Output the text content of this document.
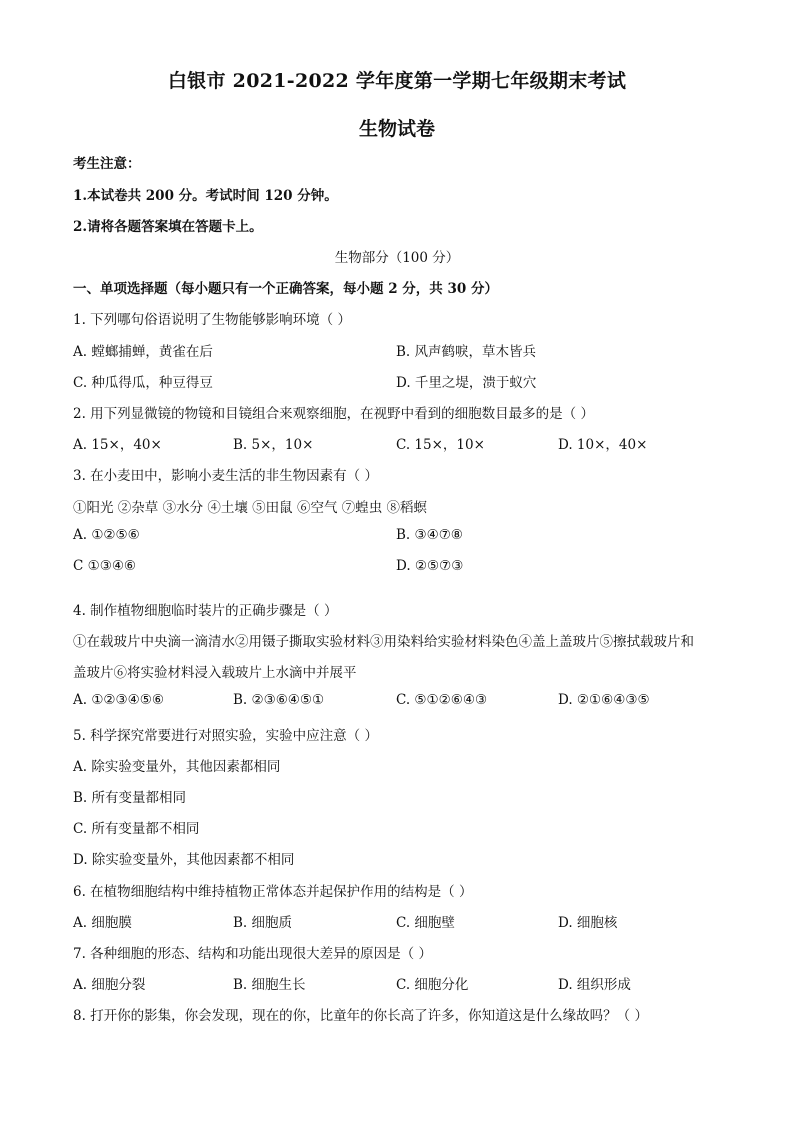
白银市 2021-2022 学年度第一学期七年级期末考试
生物试卷
考生注意：
1.本试卷共 200 分。考试时间 120 分钟。
2.请将各题答案填在答题卡上。
生物部分（100 分）
一、单项选择题（每小题只有一个正确答案，每小题 2 分，共 30 分）
1. 下列哪句俗语说明了生物能够影响环境（ ）
A. 螳螂捕蝉，黄雀在后	B. 风声鹤唳，草木皆兵
C. 种瓜得瓜，种豆得豆	D. 千里之堤，溃于蚁穴
2. 用下列显微镜的物镜和目镜组合来观察细胞，在视野中看到的细胞数目最多的是（ ）
A. 15×，40×	B. 5×，10×	C. 15×，10×	D. 10×，40×
3. 在小麦田中，影响小麦生活的非生物因素有（ ）
①阳光 ②杂草 ③水分 ④土壤 ⑤田鼠 ⑥空气 ⑦蝗虫 ⑧稻螟
A. ①②⑤⑥	B. ③④⑦⑧
C ①③④⑥	D. ②⑤⑦③
4. 制作植物细胞临时装片的正确步骤是（ ）
①在载玻片中央滴一滴清水②用镊子撕取实验材料③用染料给实验材料染色④盖上盖玻片⑤擦拭载玻片和
盖玻片⑥将实验材料浸入载玻片上水滴中并展平
A. ①②③④⑤⑥	B. ②③⑥④⑤①	C. ⑤①②⑥④③	D. ②①⑥④③⑤
5. 科学探究常要进行对照实验，实验中应注意（ ）
A. 除实验变量外，其他因素都相同
B. 所有变量都相同
C. 所有变量都不相同
D. 除实验变量外，其他因素都不相同
6. 在植物细胞结构中维持植物正常体态并起保护作用的结构是（ ）
A. 细胞膜	B. 细胞质	C. 细胞壁	D. 细胞核
7. 各种细胞的形态、结构和功能出现很大差异的原因是（ ）
A. 细胞分裂	B. 细胞生长	C. 细胞分化	D. 组织形成
8. 打开你的影集，你会发现，现在的你，比童年的你长高了许多，你知道这是什么缘故吗？（ ）
